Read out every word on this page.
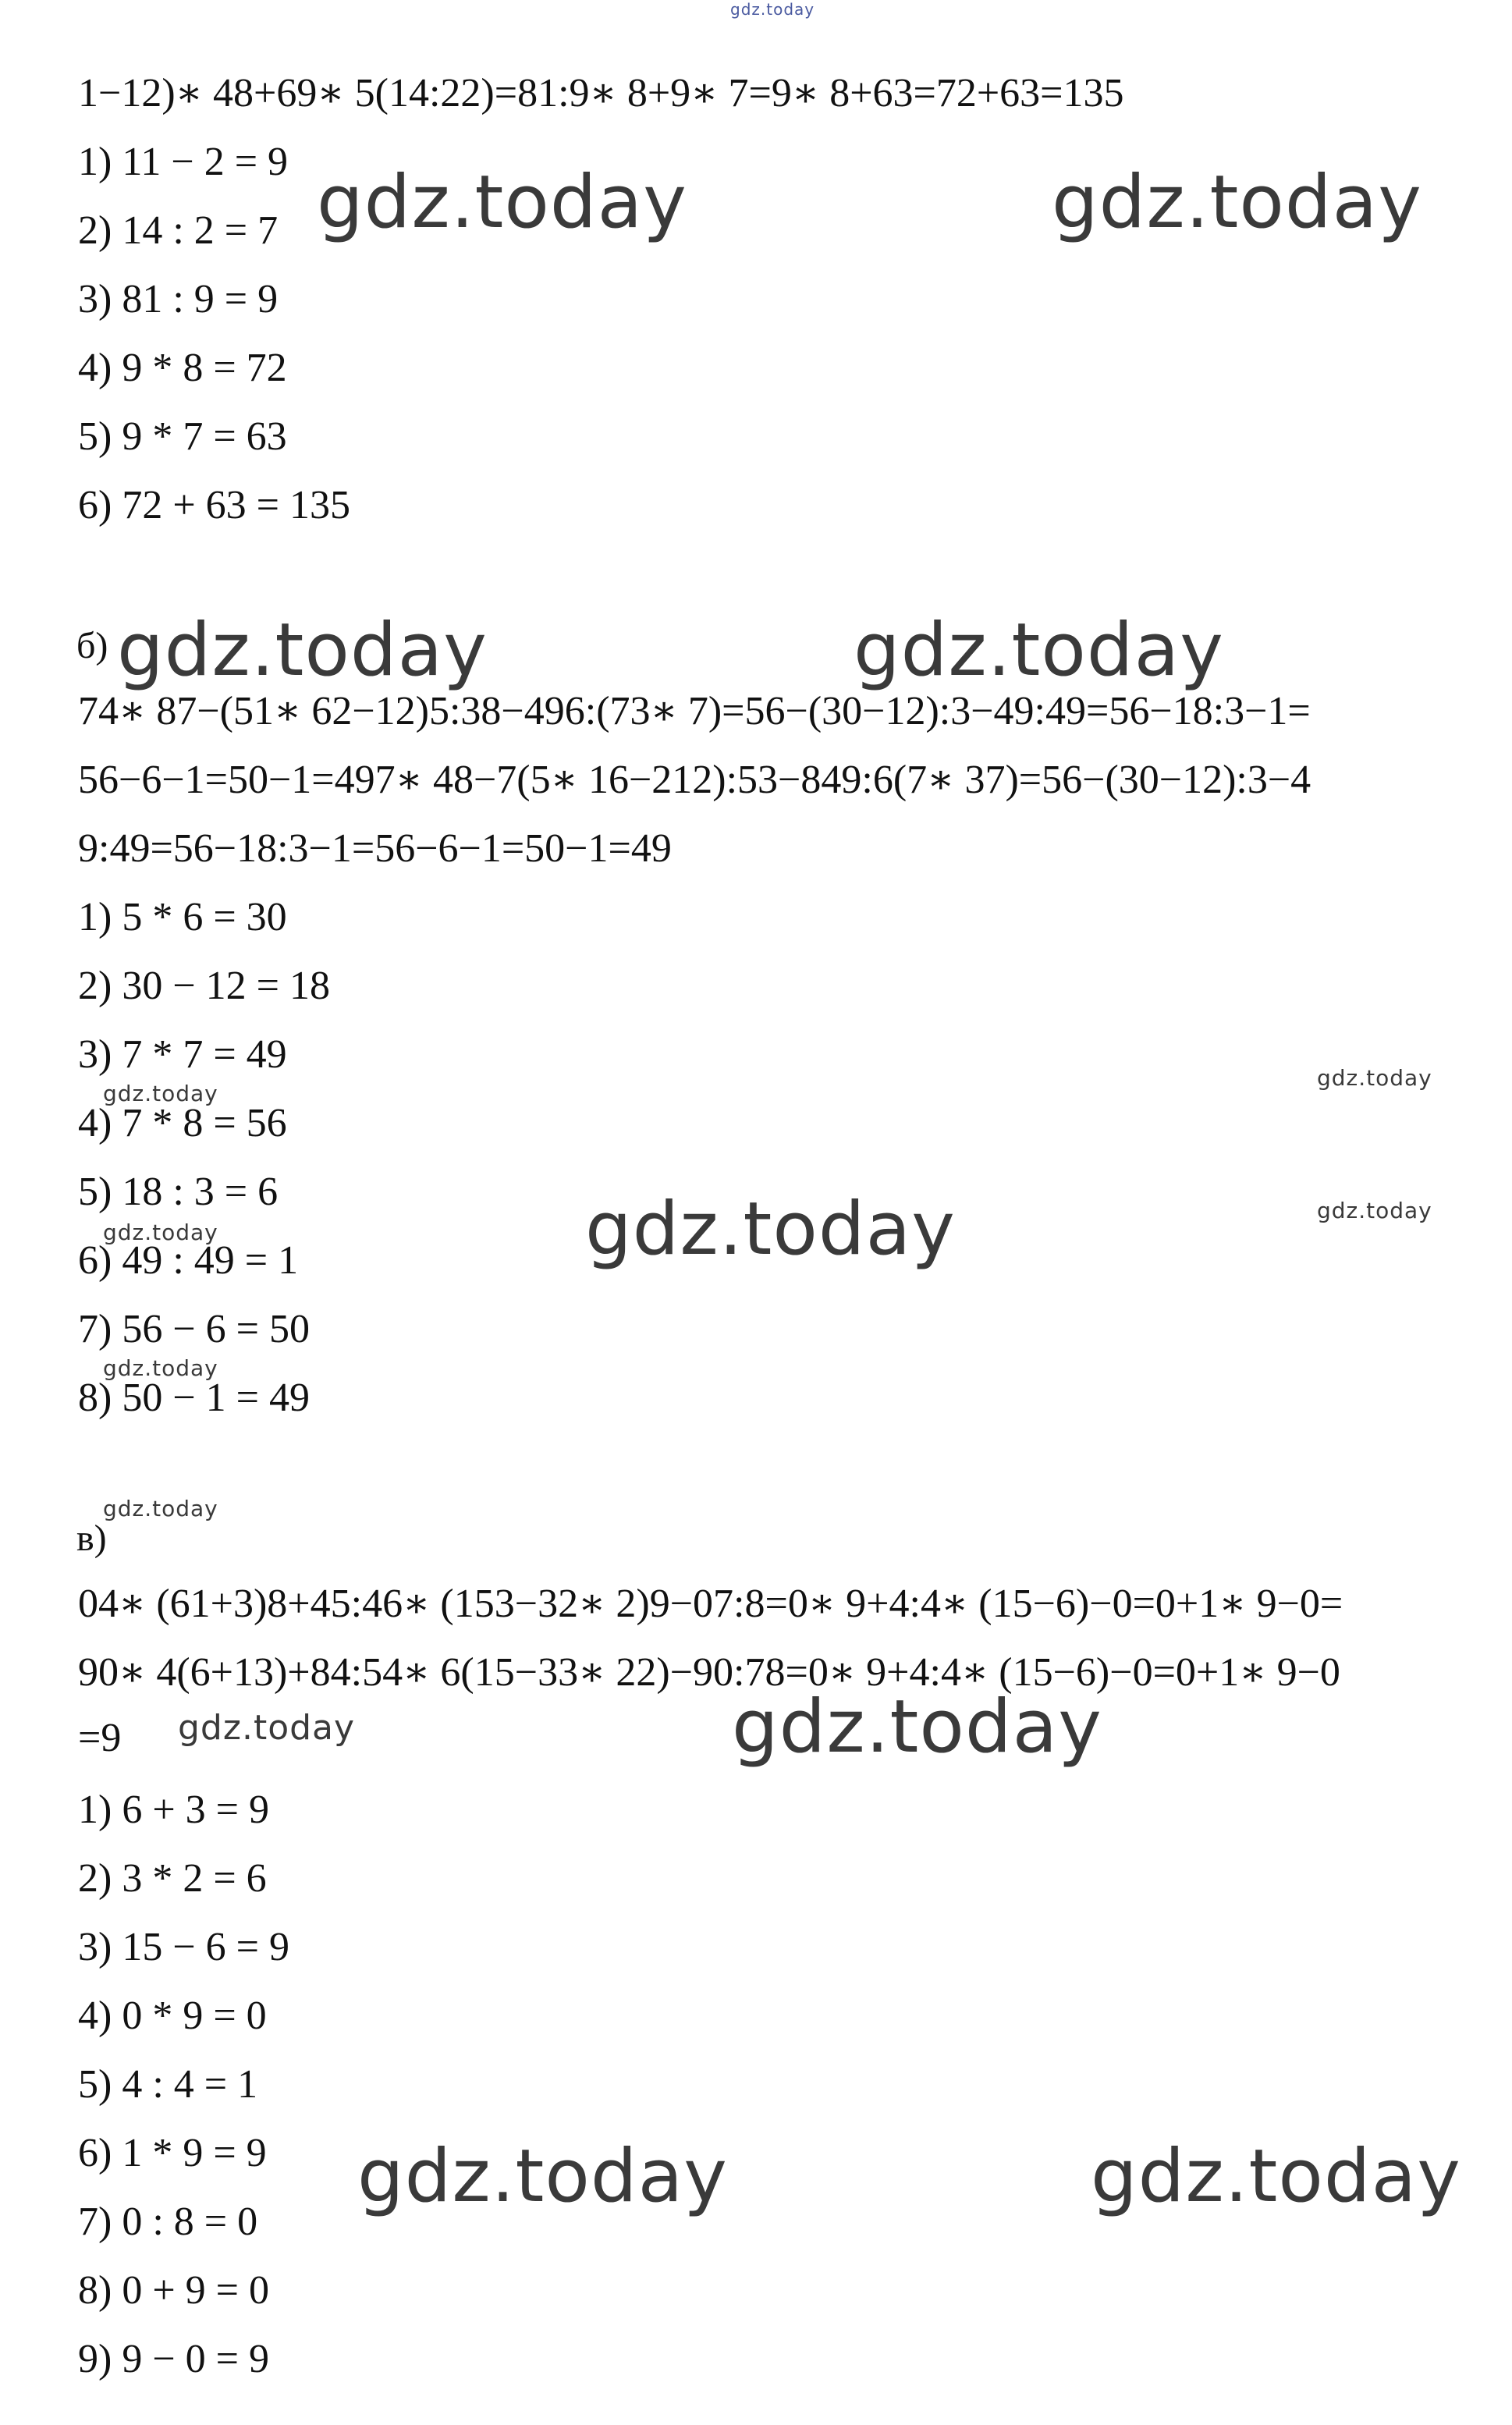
gdz.today
1−12)∗ 48+69∗ 5(14:22)=81:9∗ 8+9∗ 7=9∗ 8+63=72+63=135
1) 11 − 2 = 9
2) 14 : 2 = 7
3) 81 : 9 = 9
4) 9 * 8 = 72
5) 9 * 7 = 63
6) 72 + 63 = 135
gdz.today	gdz.today
б) gdz.today	gdz.today
74∗ 87−(51∗ 62−12)5:38−496:(73∗ 7)=56−(30−12):3−49:49=56−18:3−1=
56−6−1=50−1=497∗ 48−7(5∗ 16−212):53−849:6(7∗ 37)=56−(30−12):3−4
9:49=56−18:3−1=56−6−1=50−1=49
1) 5 * 6 = 30
2) 30 − 12 = 18
3) 7 * 7 = 49
4) 7 * 8 = 56
5) 18 : 3 = 6
6) 49 : 49 = 1
7) 56 − 6 = 50
8) 50 − 1 = 49
gdz.today
gdz.today
gdz.today
gdz.today
gdz.today
gdz.today
gdz.today
в)
04∗ (61+3)8+45:46∗ (153−32∗ 2)9−07:8=0∗ 9+4:4∗ (15−6)−0=0+1∗ 9−0=
90∗ 4(6+13)+84:54∗ 6(15−33∗ 22)−90:78=0∗ 9+4:4∗ (15−6)−0=0+1∗ 9−0
=9 gdz.today	gdz.today
1) 6 + 3 = 9
2) 3 * 2 = 6
3) 15 − 6 = 9
4) 0 * 9 = 0
5) 4 : 4 = 1
6) 1 * 9 = 9
7) 0 : 8 = 0
8) 0 + 9 = 0
9) 9 − 0 = 9
gdz.today	gdz.today
